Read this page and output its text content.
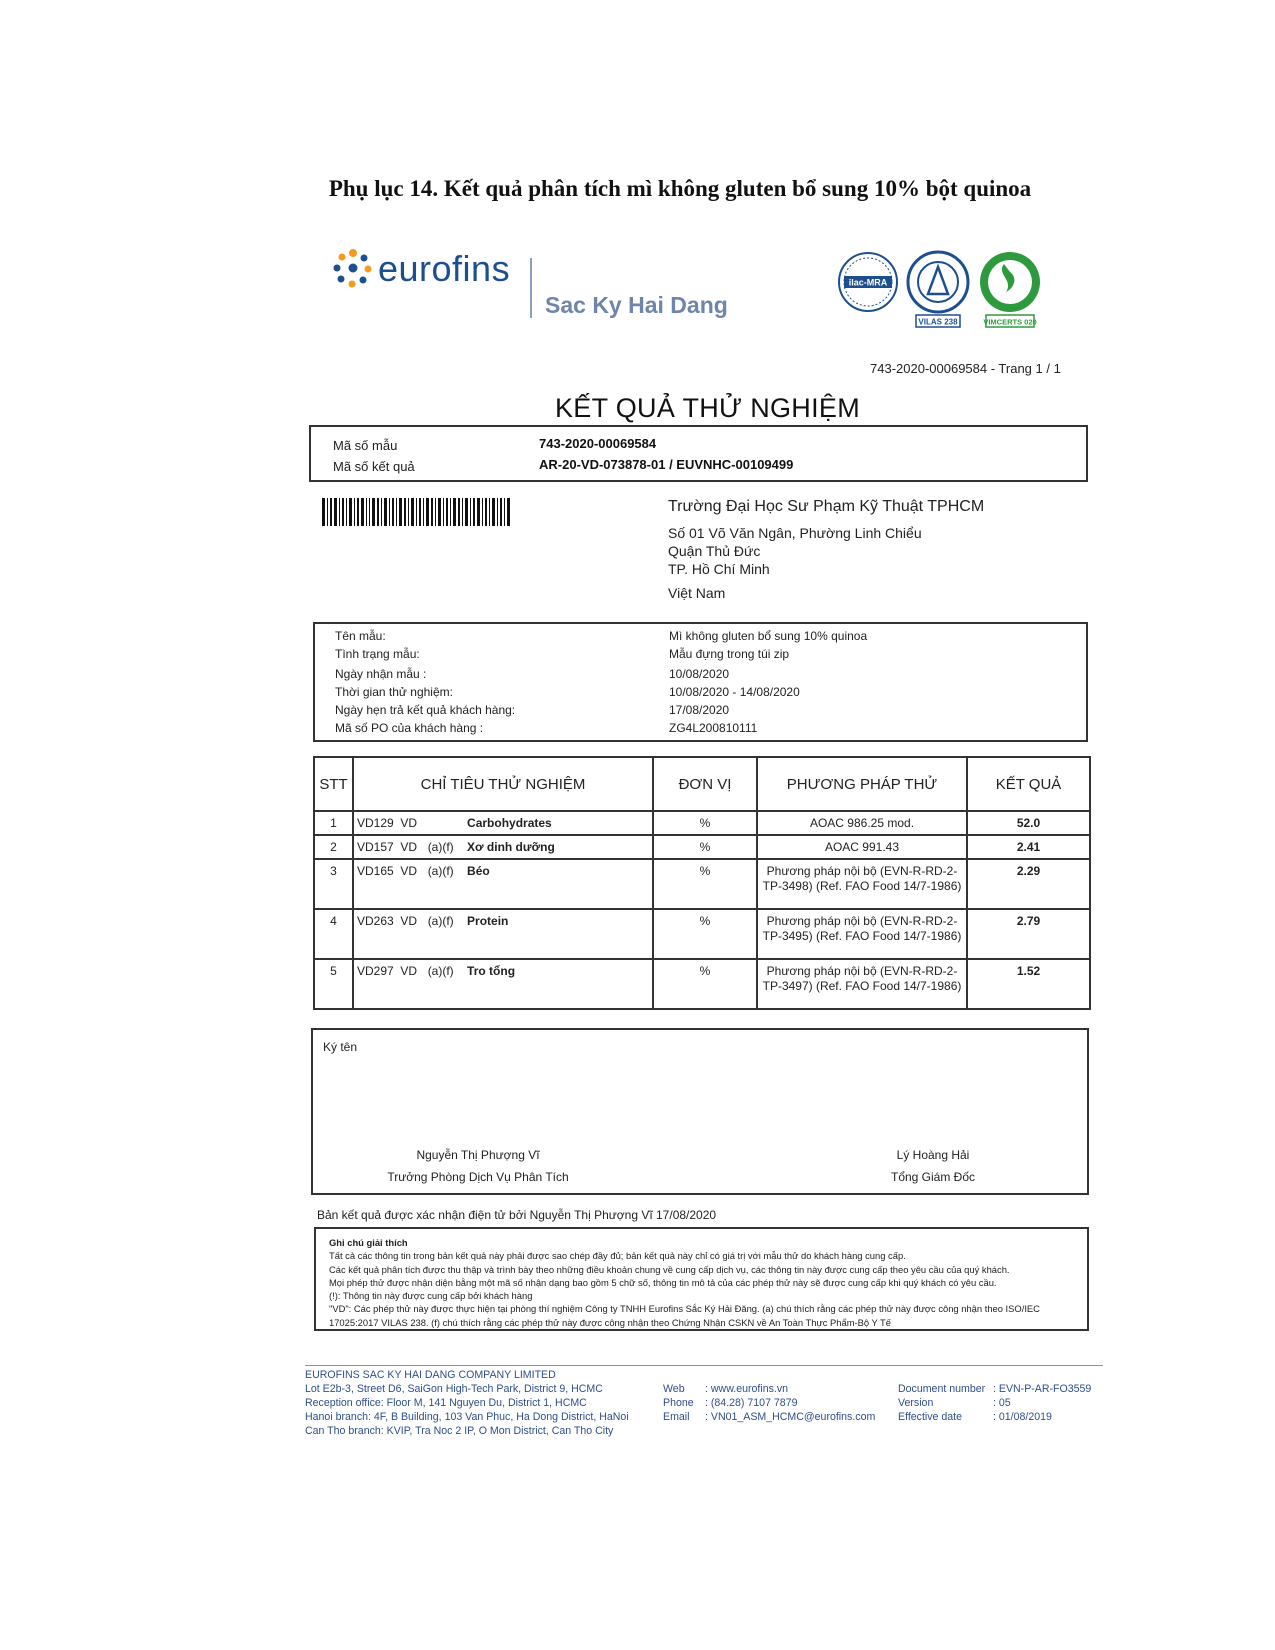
Phụ lục 14. Kết quả phân tích mì không gluten bổ sung 10% bột quinoa
eurofins
Sac Ky Hai Dang
ilac-MRA
VILAS 238	VIMCERTS 020
743-2020-00069584 - Trang 1 / 1
KẾT QUẢ THỬ NGHIỆM
Mã số mẫu	743-2020-00069584
Mã số kết quả	AR-20-VD-073878-01 / EUVNHC-00109499
Trường Đại Học Sư Phạm Kỹ Thuật TPHCM
Số 01 Võ Văn Ngân, Phường Linh Chiểu
Quận Thủ Đức
TP. Hồ Chí Minh
Việt Nam
Tên mẫu:	Mì không gluten bổ sung 10% quinoa
Tình trạng mẫu:	Mẫu đựng trong túi zip
Ngày nhận mẫu :	10/08/2020
Thời gian thử nghiệm:	10/08/2020 - 14/08/2020
Ngày hẹn trả kết quả khách hàng:	17/08/2020
Mã số PO của khách hàng :	ZG4L200810111
STT	CHỈ TIÊU THỬ NGHIỆM	ĐƠN VỊ	PHƯƠNG PHÁP THỬ	KẾT QUẢ
1	VD129 VD Carbohydrates	%	AOAC 986.25 mod.	52.0
2	VD157 VD (a)(f) Xơ dinh dưỡng	%	AOAC 991.43	2.41
3	VD165 VD (a)(f) Béo	%	Phương pháp nội bộ (EVN-R-RD-2-TP-3498) (Ref. FAO Food 14/7-1986)	2.29
4	VD263 VD (a)(f) Protein	%	Phương pháp nội bộ (EVN-R-RD-2-TP-3495) (Ref. FAO Food 14/7-1986)	2.79
5	VD297 VD (a)(f) Tro tổng	%	Phương pháp nội bộ (EVN-R-RD-2-TP-3497) (Ref. FAO Food 14/7-1986)	1.52
Ký tên
Nguyễn Thị Phượng Vĩ
Trưởng Phòng Dịch Vụ Phân Tích
Lý Hoàng Hải
Tổng Giám Đốc
Bản kết quả được xác nhận điện tử bởi Nguyễn Thị Phượng Vĩ 17/08/2020
Ghi chú giải thích
Tất cả các thông tin trong bản kết quả này phải được sao chép đầy đủ; bản kết quả này chỉ có giá trị với mẫu thử do khách hàng cung cấp.
Các kết quả phân tích được thu thập và trình bày theo những điều khoản chung về cung cấp dịch vụ, các thông tin này được cung cấp theo yêu cầu của quý khách.
Mọi phép thử được nhận diện bằng một mã số nhận dạng bao gồm 5 chữ số, thông tin mô tả của các phép thử này sẽ được cung cấp khi quý khách có yêu cầu.
(!): Thông tin này được cung cấp bởi khách hàng
"VD": Các phép thử này được thực hiện tại phòng thí nghiệm Công ty TNHH Eurofins Sắc Ký Hải Đăng. (a) chú thích rằng các phép thử này được công nhận theo ISO/IEC 17025:2017 VILAS 238. (f) chú thích rằng các phép thử này được công nhận theo Chứng Nhận CSKN về An Toàn Thực Phẩm-Bộ Y Tế
EUROFINS SAC KY HAI DANG COMPANY LIMITED
Lot E2b-3, Street D6, SaiGon High-Tech Park, District 9, HCMC
Reception office: Floor M, 141 Nguyen Du, District 1, HCMC
Hanoi branch: 4F, B Building, 103 Van Phuc, Ha Dong District, HaNoi
Can Tho branch: KVIP, Tra Noc 2 IP, O Mon District, Can Tho City
Web : www.eurofins.vn
Phone : (84.28) 7107 7879
Email : VN01_ASM_HCMC@eurofins.com
Document number : EVN-P-AR-FO3559
Version	: 05
Effective date	: 01/08/2019
